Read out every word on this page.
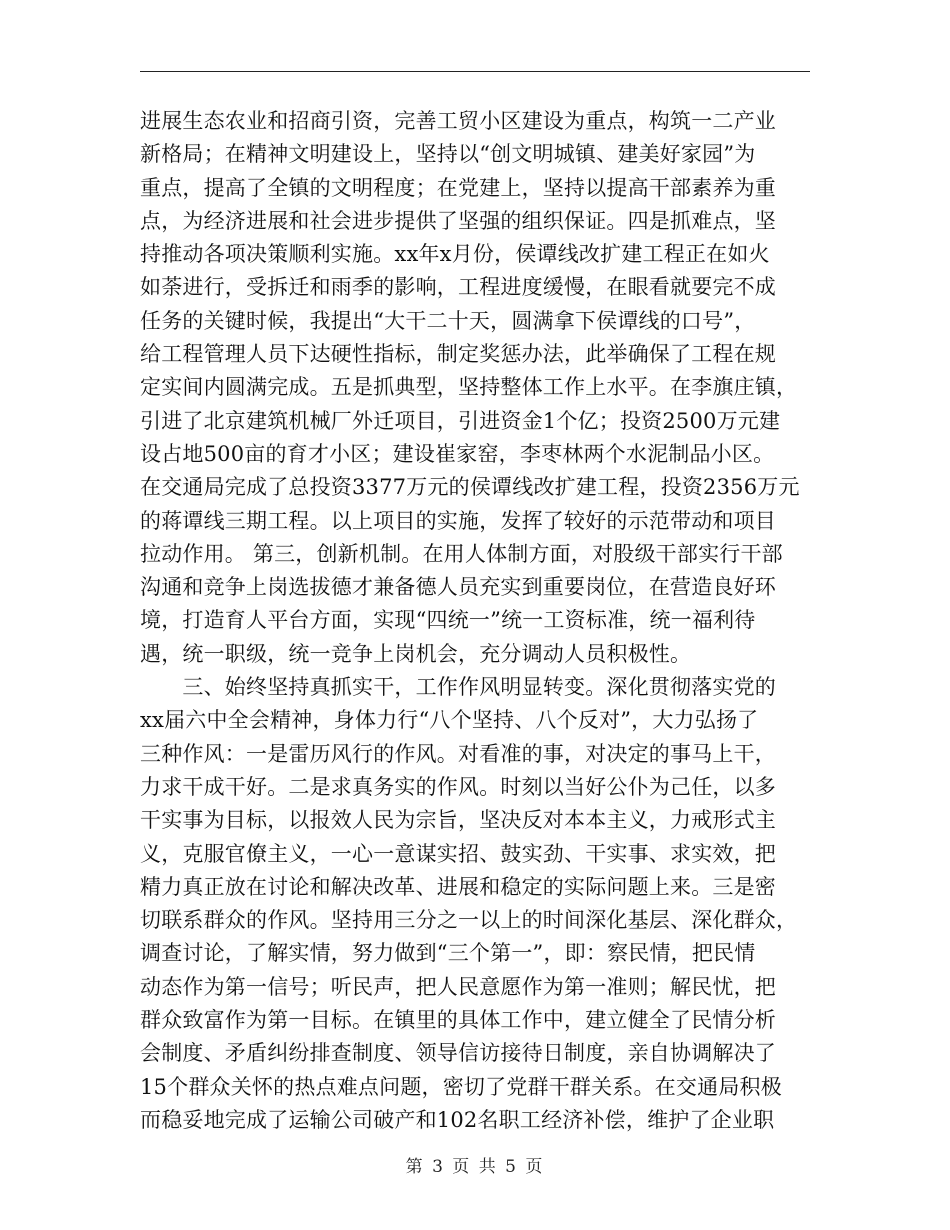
进展生态农业和招商引资，完善工贸小区建设为重点，构筑一二产业
新格局；在精神文明建设上，坚持以“创文明城镇、建美好家园”为
重点，提高了全镇的文明程度；在党建上，坚持以提高干部素养为重
点，为经济进展和社会进步提供了坚强的组织保证。四是抓难点，坚
持推动各项决策顺利实施。xx年x月份，侯谭线改扩建工程正在如火
如荼进行，受拆迁和雨季的影响，工程进度缓慢，在眼看就要完不成
任务的关键时候，我提出“大干二十天，圆满拿下侯谭线的口号”，
给工程管理人员下达硬性指标，制定奖惩办法，此举确保了工程在规
定实间内圆满完成。五是抓典型，坚持整体工作上水平。在李旗庄镇，
引进了北京建筑机械厂外迁项目，引进资金1个亿；投资2500万元建
设占地500亩的育才小区；建设崔家窑，李枣林两个水泥制品小区。
在交通局完成了总投资3377万元的侯谭线改扩建工程，投资2356万元
的蒋谭线三期工程。以上项目的实施，发挥了较好的示范带动和项目
拉动作用。 第三，创新机制。在用人体制方面，对股级干部实行干部
沟通和竞争上岗选拔德才兼备德人员充实到重要岗位，在营造良好环
境，打造育人平台方面，实现“四统一”统一工资标准，统一福利待
遇，统一职级，统一竞争上岗机会，充分调动人员积极性。
　　三、始终坚持真抓实干，工作作风明显转变。深化贯彻落实党的
xx届六中全会精神，身体力行“八个坚持、八个反对”，大力弘扬了
三种作风：一是雷历风行的作风。对看准的事，对决定的事马上干，
力求干成干好。二是求真务实的作风。时刻以当好公仆为己任，以多
干实事为目标，以报效人民为宗旨，坚决反对本本主义，力戒形式主
义，克服官僚主义，一心一意谋实招、鼓实劲、干实事、求实效，把
精力真正放在讨论和解决改革、进展和稳定的实际问题上来。三是密
切联系群众的作风。坚持用三分之一以上的时间深化基层、深化群众，
调查讨论，了解实情，努力做到“三个第一”，即：察民情，把民情
动态作为第一信号；听民声，把人民意愿作为第一准则；解民忧，把
群众致富作为第一目标。在镇里的具体工作中，建立健全了民情分析
会制度、矛盾纠纷排查制度、领导信访接待日制度，亲自协调解决了
15个群众关怀的热点难点问题，密切了党群干群关系。在交通局积极
而稳妥地完成了运输公司破产和102名职工经济补偿，维护了企业职
第 3 页 共 5 页
